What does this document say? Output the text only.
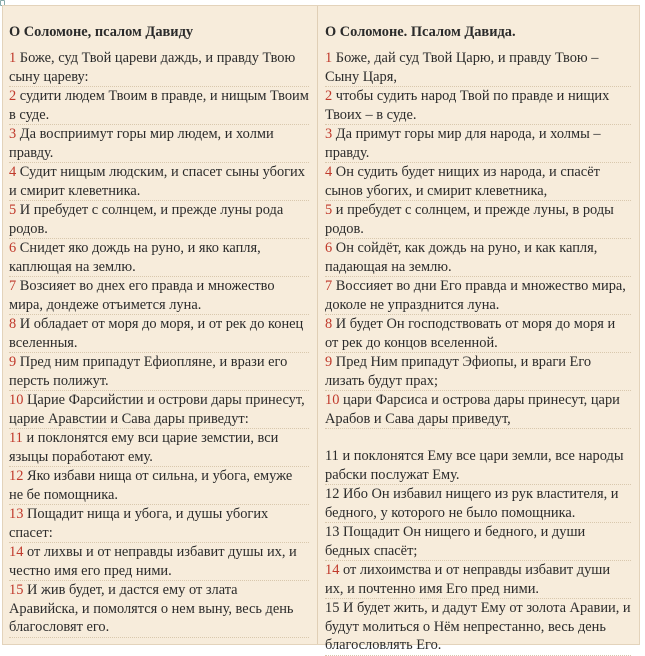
О Соломоне, псалом Давиду
1 Боже, суд Твой цареви даждь, и правду Твою сыну цареву:
2 судити людем Твоим в правде, и нищым Твоим в суде.
3 Да восприимут горы мир людем, и холми правду.
4 Судит нищым людским, и спасет сыны убогих и смирит клеветника.
5 И пребудет с солнцем, и прежде луны рода родов.
6 Снидет яко дождь на руно, и яко капля, каплющая на землю.
7 Возсияет во днех его правда и множество мира, дондеже отъимется луна.
8 И обладает от моря до моря, и от рек до конец вселенныя.
9 Пред ним припадут Ефиопляне, и врази его персть полижут.
10 Царие Фарсийстии и острови дары принесут, царие Аравстии и Сава дары приведут:
11 и поклонятся ему вси царие земстии, вси языцы поработают ему.
12 Яко избави нища от сильна, и убога, емуже не бе помощника.
13 Пощадит нища и убога, и душы убогих спасет:
14 от лихвы и от неправды избавит душы их, и честно имя его пред ними.
15 И жив будет, и дастся ему от злата Аравийска, и помолятся о нем выну, весь день благословят его.
О Соломоне. Псалом Давида.
1 Боже, дай суд Твой Царю, и правду Твою – Сыну Царя,
2 чтобы судить народ Твой по правде и нищих Твоих – в суде.
3 Да примут горы мир для народа, и холмы – правду.
4 Он судить будет нищих из народа, и спасёт сынов убогих, и смирит клеветника,
5 и пребудет с солнцем, и прежде луны, в роды родов.
6 Он сойдёт, как дождь на руно, и как капля, падающая на землю.
7 Воссияет во дни Его правда и множество мира, доколе не упразднится луна.
8 И будет Он господствовать от моря до моря и от рек до концов вселенной.
9 Пред Ним припадут Эфиопы, и враги Его лизать будут прах;
10 цари Фарсиса и острова дары принесут, цари Арабов и Сава дары приведут,
11 и поклонятся Ему все цари земли, все народы рабски послужат Ему.
12 Ибо Он избавил нищего из рук властителя, и бедного, у которого не было помощника.
13 Пощадит Он нищего и бедного, и души бедных спасёт;
14 от лихоимства и от неправды избавит души их, и почтенно имя Его пред ними.
15 И будет жить, и дадут Ему от золота Аравии, и будут молиться о Нём непрестанно, весь день благословлять Его.
